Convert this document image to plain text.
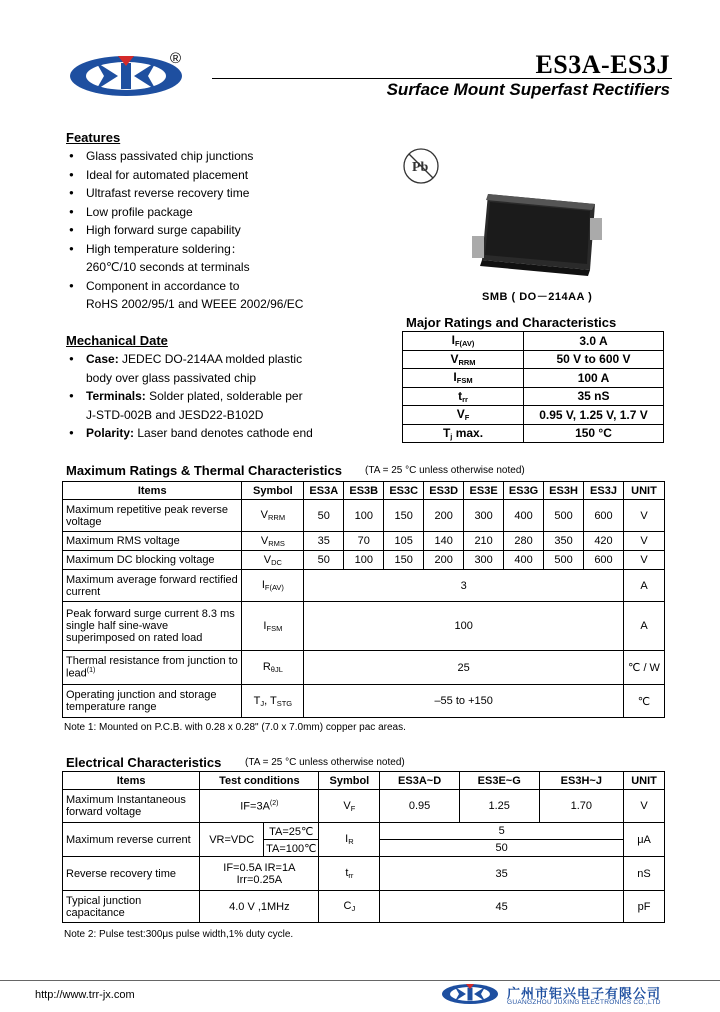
®	ES3A-ES3J
Surface Mount Superfast Rectifiers
Features
● Glass passivated chip junctions
● Ideal for automated placement
● Ultrafast reverse recovery time
● Low profile package
● High forward surge capability
● High temperature soldering：
260℃/10 seconds at terminals
● Component in accordance to
RoHS 2002/95/1 and WEEE 2002/96/EC
Pb
SMB ( DO－214AA )
Mechanical Date
● Case: JEDEC DO-214AA molded plastic
body over glass passivated chip
● Terminals: Solder plated, solderable per
J-STD-002B and JESD22-B102D
● Polarity: Laser band denotes cathode end
Major Ratings and Characteristics
$I_{F(AV)}$	3.0 A
$V_{RRM}$	50 V to 600 V
$I_{FSM}$	100 A
$t_{rr}$	35 nS
$V_F$	0.95 V, 1.25 V, 1.7 V
$T_j$ max.	150 °C
Maximum Ratings & Thermal Characteristics (TA = 25 °C unless otherwise noted)
Items	Symbol	ES3A	ES3B	ES3C	ES3D	ES3E	ES3G	ES3H	ES3J	UNIT
Maximum repetitive peak reverse voltage	$V_{RRM}$	50	100	150	200	300	400	500	600	V
Maximum RMS voltage	$V_{RMS}$	35	70	105	140	210	280	350	420	V
Maximum DC blocking voltage	$V_{DC}$	50	100	150	200	300	400	500	600	V
Maximum average forward rectified current	$I_{F(AV)}$	3								A
Peak forward surge current 8.3 ms single half sine-wave superimposed on rated load	$I_{FSM}$	100								A
Thermal resistance from junction to lead$^{(1)}$	$R_{\theta JL}$	25								℃ / W
Operating junction and storage temperature range	$T_J$, $T_{STG}$	–55 to +150								℃
Note 1: Mounted on P.C.B. with 0.28 x 0.28" (7.0 x 7.0mm) copper pac areas.
Electrical Characteristics (TA = 25 °C unless otherwise noted)
Items	Test conditions		Symbol	ES3A~D	ES3E~G	ES3H~J	UNIT
Maximum Instantaneous forward voltage	$IF=3A^{(2)}$		$V_F$	0.95	1.25	1.70	V
Maximum reverse current	VR=VDC	TA=25℃	$I_R$	5			μA
		TA=100℃		50			
Reverse recovery time	IF=0.5A IR=1A
Irr=0.25A		$t_{rr}$	35			nS
Typical junction capacitance	4.0 V ,1MHz		$C_J$	45			pF
Note 2: Pulse test:300μs pulse width,1% duty cycle.
http://www.trr-jx.com	广州市钜兴电子有限公司
GUANGZHOU JUXING ELECTRONICS CO.,LTD
